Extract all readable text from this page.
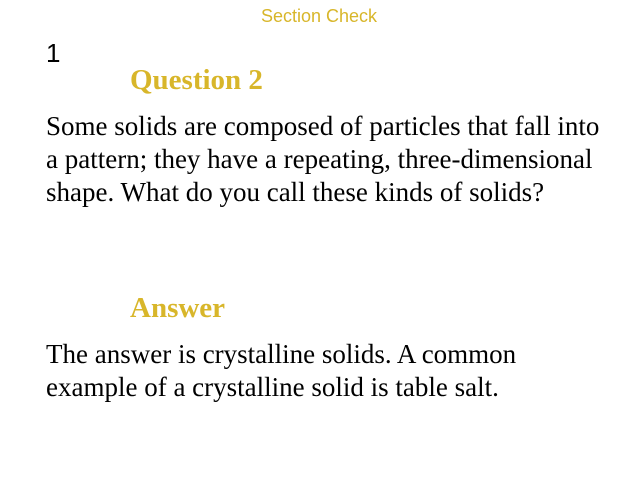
Section Check
1
Question 2
Some solids are composed of particles that fall into a pattern; they have a repeating, three-dimensional shape. What do you call these kinds of solids?
Answer
The answer is crystalline solids. A common example of a crystalline solid is table salt.
